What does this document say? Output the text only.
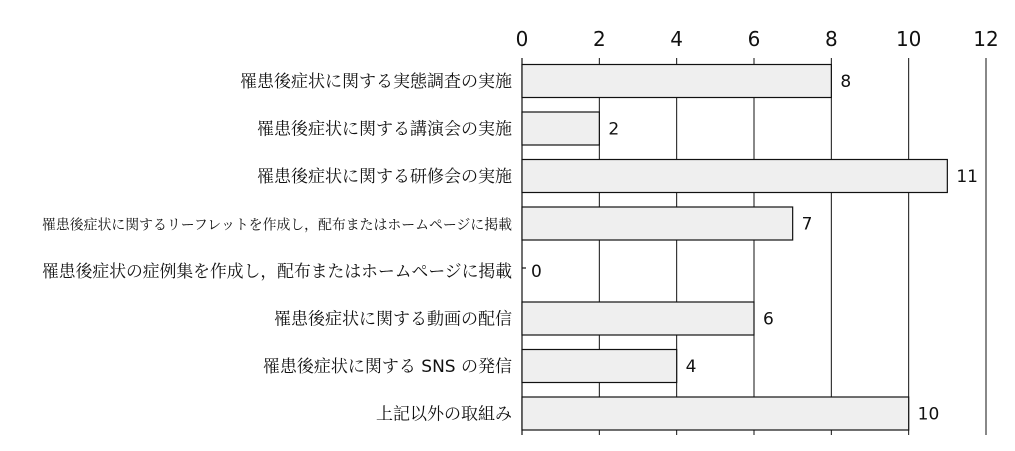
0	2	4	6	8	10	12
罹患後症状に関する実態調査の実施
罹患後症状に関する講演会の実施
罹患後症状に関する研修会の実施
罹患後症状に関するリーフレットを作成し，配布またはホームページに掲載
罹患後症状の症例集を作成し，配布またはホームページに掲載
罹患後症状に関する動画の配信
罹患後症状に関する SNS の発信
上記以外の取組み
8
2
11
7
0
6
4
10
